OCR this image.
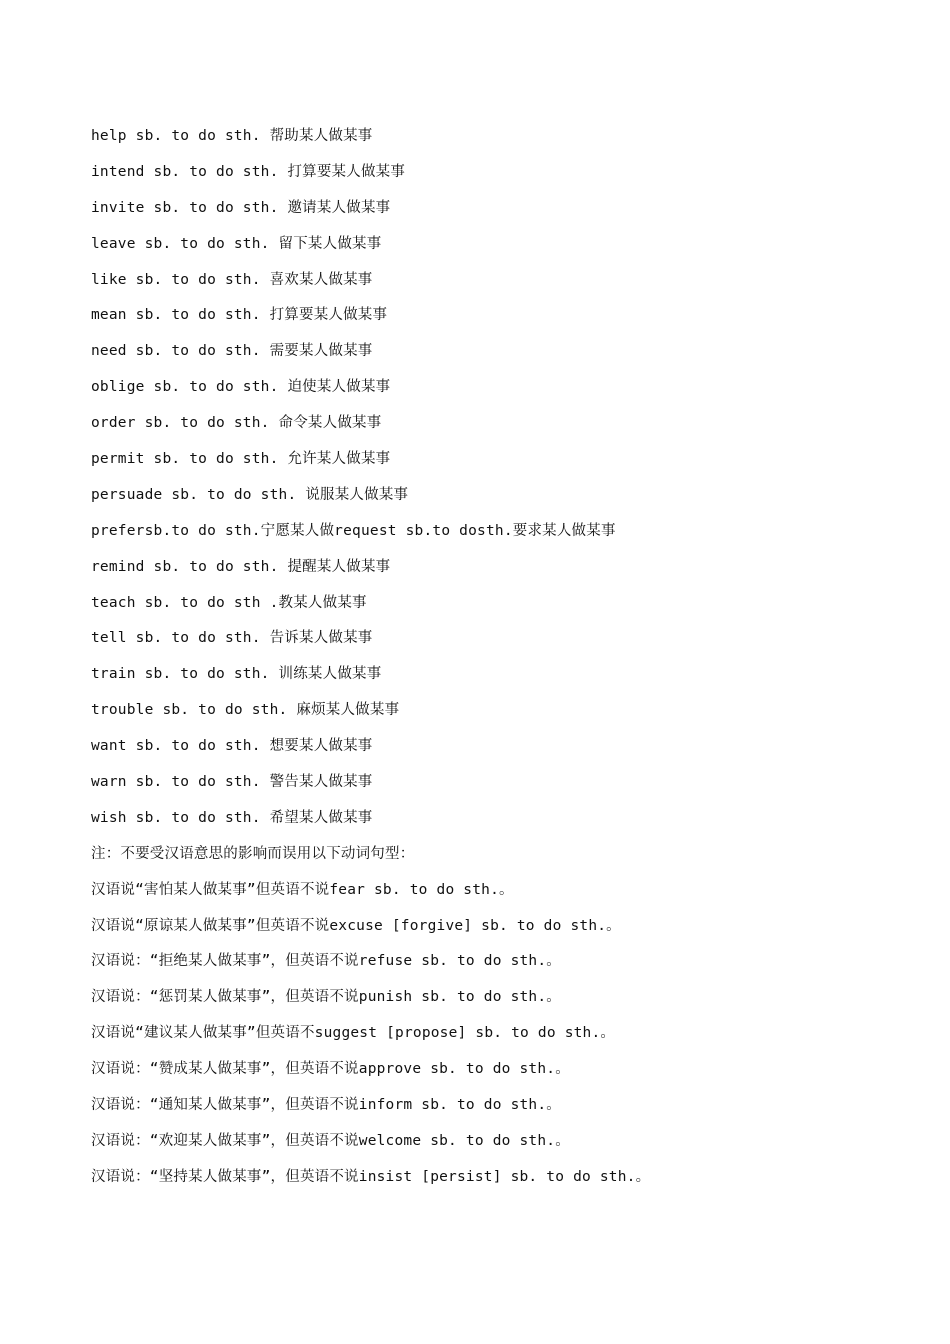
help sb. to do sth. 帮助某人做某事
intend sb. to do sth. 打算要某人做某事
invite sb. to do sth. 邀请某人做某事
leave sb. to do sth. 留下某人做某事
like sb. to do sth. 喜欢某人做某事
mean sb. to do sth. 打算要某人做某事
need sb. to do sth. 需要某人做某事
oblige sb. to do sth. 迫使某人做某事
order sb. to do sth. 命令某人做某事
permit sb. to do sth. 允许某人做某事
persuade sb. to do sth. 说服某人做某事
prefersb.to do sth.宁愿某人做request sb.to dosth.要求某人做某事
remind sb. to do sth. 提醒某人做某事
teach sb. to do sth .教某人做某事
tell sb. to do sth. 告诉某人做某事
train sb. to do sth. 训练某人做某事
trouble sb. to do sth. 麻烦某人做某事
want sb. to do sth. 想要某人做某事
warn sb. to do sth. 警告某人做某事
wish sb. to do sth. 希望某人做某事
注：不要受汉语意思的影响而误用以下动词句型：
汉语说“害怕某人做某事”但英语不说fear sb. to do sth.。
汉语说“原谅某人做某事”但英语不说excuse [forgive] sb. to do sth.。
汉语说：“拒绝某人做某事”，但英语不说refuse sb. to do sth.。
汉语说：“惩罚某人做某事”，但英语不说punish sb. to do sth.。
汉语说“建议某人做某事”但英语不suggest [propose] sb. to do sth.。
汉语说：“赞成某人做某事”，但英语不说approve sb. to do sth.。
汉语说：“通知某人做某事”，但英语不说inform sb. to do sth.。
汉语说：“欢迎某人做某事”，但英语不说welcome sb. to do sth.。
汉语说：“坚持某人做某事”，但英语不说insist [persist] sb. to do sth.。
